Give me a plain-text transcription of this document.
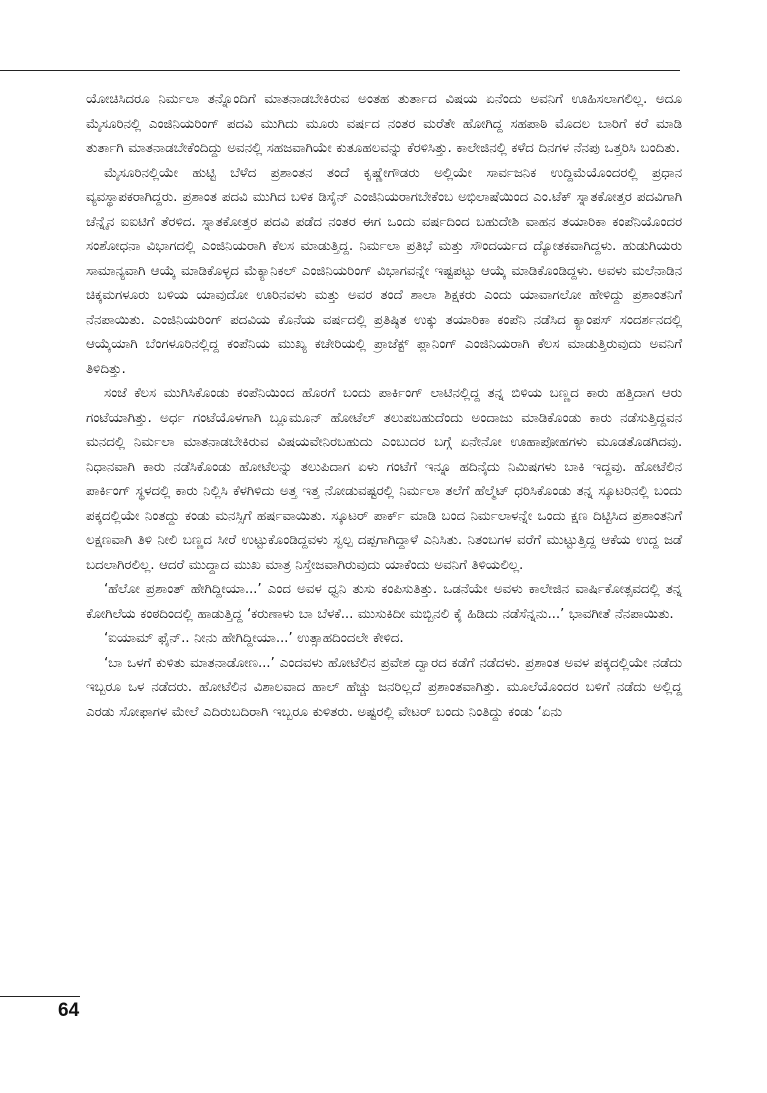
ಯೋಚಿಸಿದರೂ ನಿರ್ಮಲಾ ತನ್ನೊಂದಿಗೆ ಮಾತನಾಡಬೇಕಿರುವ ಅಂತಹ ತುರ್ತಾದ ವಿಷಯ ಏನೆಂದು ಅವನಿಗೆ ಊಹಿಸಲಾಗಲಿಲ್ಲ. ಅದೂ ಮೈಸೂರಿನಲ್ಲಿ ಎಂಜಿನಿಯರಿಂಗ್ ಪದವಿ ಮುಗಿದು ಮೂರು ವರ್ಷದ ನಂತರ ಮರೆತೇ ಹೋಗಿದ್ದ ಸಹಪಾಠಿ ಮೊದಲ ಬಾರಿಗೆ ಕರೆ ಮಾಡಿ ತುರ್ತಾಗಿ ಮಾತನಾಡಬೇಕೆಂದಿದ್ದು ಅವನಲ್ಲಿ ಸಹಜವಾಗಿಯೇ ಕುತೂಹಲವನ್ನು ಕೆರಳಿಸಿತ್ತು. ಕಾಲೇಜಿನಲ್ಲಿ ಕಳೆದ ದಿನಗಳ ನೆನಪು ಒತ್ತರಿಸಿ ಬಂದಿತು.

ಮೈಸೂರಿನಲ್ಲಿಯೇ ಹುಟ್ಟಿ ಬೆಳೆದ ಪ್ರಶಾಂತನ ತಂದೆ ಕೃಷ್ಣೇಗೌಡರು ಅಲ್ಲಿಯೇ ಸಾರ್ವಜನಿಕ ಉದ್ದಿಮೆಯೊಂದರಲ್ಲಿ ಪ್ರಧಾನ ವ್ಯವಸ್ಥಾಪಕರಾಗಿದ್ದರು. ಪ್ರಶಾಂತ ಪದವಿ ಮುಗಿದ ಬಳಿಕ ಡಿಸೈನ್ ಎಂಜಿನಿಯರಾಗಬೇಕೆಂಬ ಅಭಿಲಾಷೆಯಿಂದ ಎಂ.ಟೆಕ್ ಸ್ನಾತಕೋತ್ತರ ಪದವಿಗಾಗಿ ಚೆನ್ನೈನ ಐಐಟಿಗೆ ತೆರಳಿದ. ಸ್ನಾತಕೋತ್ತರ ಪದವಿ ಪಡೆದ ನಂತರ ಈಗ ಒಂದು ವರ್ಷದಿಂದ ಬಹುದೇಶಿ ವಾಹನ ತಯಾರಿಕಾ ಕಂಪೆನಿಯೊಂದರ ಸಂಶೋಧನಾ ವಿಭಾಗದಲ್ಲಿ ಎಂಜಿನಿಯರಾಗಿ ಕೆಲಸ ಮಾಡುತ್ತಿದ್ದ. ನಿರ್ಮಲಾ ಪ್ರತಿಭೆ ಮತ್ತು ಸೌಂದರ್ಯದ ದ್ಯೋತಕವಾಗಿದ್ದಳು. ಹುಡುಗಿಯರು ಸಾಮಾನ್ಯವಾಗಿ ಆಯ್ಕೆ ಮಾಡಿಕೊಳ್ಳದ ಮೆಕ್ಯಾನಿಕಲ್ ಎಂಜಿನಿಯರಿಂಗ್ ವಿಭಾಗವನ್ನೇ ಇಷ್ಟಪಟ್ಟು ಆಯ್ಕೆ ಮಾಡಿಕೊಂಡಿದ್ದಳು. ಅವಳು ಮಲೆನಾಡಿನ ಚಿಕ್ಕಮಗಳೂರು ಬಳಿಯ ಯಾವುದೋ ಊರಿನವಳು ಮತ್ತು ಅವರ ತಂದೆ ಶಾಲಾ ಶಿಕ್ಷಕರು ಎಂದು ಯಾವಾಗಲೋ ಹೇಳಿದ್ದು ಪ್ರಶಾಂತನಿಗೆ ನೆನಪಾಯಿತು. ಎಂಜಿನಿಯರಿಂಗ್ ಪದವಿಯ ಕೊನೆಯ ವರ್ಷದಲ್ಲಿ ಪ್ರತಿಷ್ಠಿತ ಉಕ್ಕು ತಯಾರಿಕಾ ಕಂಪೆನಿ ನಡೆಸಿದ ಕ್ಯಾಂಪಸ್ ಸಂದರ್ಶನದಲ್ಲಿ ಆಯ್ಕೆಯಾಗಿ ಬೆಂಗಳೂರಿನಲ್ಲಿದ್ದ ಕಂಪೆನಿಯ ಮುಖ್ಯ ಕಚೇರಿಯಲ್ಲಿ ಪ್ರಾಜೆಕ್ಟ್ ಪ್ಲಾನಿಂಗ್ ಎಂಜಿನಿಯರಾಗಿ ಕೆಲಸ ಮಾಡುತ್ತಿರುವುದು ಅವನಿಗೆ ತಿಳಿದಿತ್ತು.

ಸಂಜೆ ಕೆಲಸ ಮುಗಿಸಿಕೊಂಡು ಕಂಪೆನಿಯಿಂದ ಹೊರಗೆ ಬಂದು ಪಾರ್ಕಿಂಗ್ ಲಾಟಿನಲ್ಲಿದ್ದ ತನ್ನ ಬಿಳಿಯ ಬಣ್ಣದ ಕಾರು ಹತ್ತಿದಾಗ ಆರು ಗಂಟೆಯಾಗಿತ್ತು. ಅರ್ಧ ಗಂಟೆಯೊಳಗಾಗಿ ಬ್ಲೂಮೂನ್ ಹೋಟೆಲ್ ತಲುಪಬಹುದೆಂದು ಅಂದಾಜು ಮಾಡಿಕೊಂಡು ಕಾರು ನಡೆಸುತ್ತಿದ್ದವನ ಮನದಲ್ಲಿ ನಿರ್ಮಲಾ ಮಾತನಾಡಬೇಕಿರುವ ವಿಷಯವೇನಿರಬಹುದು ಎಂಬುದರ ಬಗ್ಗೆ ಏನೇನೋ ಊಹಾಪೋಹಗಳು ಮೂಡತೊಡಗಿದವು. ನಿಧಾನವಾಗಿ ಕಾರು ನಡೆಸಿಕೊಂಡು ಹೋಟೆಲನ್ನು ತಲುಪಿದಾಗ ಏಳು ಗಂಟೆಗೆ ಇನ್ನೂ ಹದಿನೈದು ನಿಮಿಷಗಳು ಬಾಕಿ ಇದ್ದವು. ಹೋಟೆಲಿನ ಪಾರ್ಕಿಂಗ್ ಸ್ಥಳದಲ್ಲಿ ಕಾರು ನಿಲ್ಲಿಸಿ ಕೆಳಗಿಳಿದು ಅತ್ತ ಇತ್ತ ನೋಡುವಷ್ಟರಲ್ಲಿ ನಿರ್ಮಲಾ ತಲೆಗೆ ಹೆಲ್ಮೆಟ್ ಧರಿಸಿಕೊಂಡು ತನ್ನ ಸ್ಕೂಟರಿನಲ್ಲಿ ಬಂದು ಪಕ್ಕದಲ್ಲಿಯೇ ನಿಂತದ್ದು ಕಂಡು ಮನಸ್ಸಿಗೆ ಹರ್ಷವಾಯಿತು. ಸ್ಕೂಟರ್ ಪಾರ್ಕ್ ಮಾಡಿ ಬಂದ ನಿರ್ಮಲಾಳನ್ನೇ ಒಂದು ಕ್ಷಣ ದಿಟ್ಟಿಸಿದ ಪ್ರಶಾಂತನಿಗೆ ಲಕ್ಷಣವಾಗಿ ತಿಳಿ ನೀಲಿ ಬಣ್ಣದ ಸೀರೆ ಉಟ್ಟುಕೊಂಡಿದ್ದವಳು ಸ್ವಲ್ಪ ದಪ್ಪಗಾಗಿದ್ದಾಳೆ ಎನಿಸಿತು. ನಿತಂಬಗಳ ವರೆಗೆ ಮುಟ್ಟುತ್ತಿದ್ದ ಆಕೆಯ ಉದ್ದ ಜಡೆ ಬದಲಾಗಿರಲಿಲ್ಲ. ಆದರೆ ಮುದ್ದಾದ ಮುಖ ಮಾತ್ರ ನಿಸ್ತೇಜವಾಗಿರುವುದು ಯಾಕೆಂದು ಅವನಿಗೆ ತಿಳಿಯಲಿಲ್ಲ.

‘ಹೆಲೋ ಪ್ರಶಾಂತ್ ಹೇಗಿದ್ದೀಯಾ...’ ಎಂದ ಅವಳ ಧ್ವನಿ ತುಸು ಕಂಪಿಸುತಿತ್ತು. ಒಡನೆಯೇ ಅವಳು ಕಾಲೇಜಿನ ವಾರ್ಷಿಕೋತ್ಸವದಲ್ಲಿ ತನ್ನ ಕೋಗಿಲೆಯ ಕಂಠದಿಂದಲ್ಲಿ ಹಾಡುತ್ತಿದ್ದ ‘ಕರುಣಾಳು ಬಾ ಬೆಳಕೆ... ಮುಸುಕಿದೀ ಮಬ್ಬಿನಲಿ ಕೈ ಹಿಡಿದು ನಡೆಸೆನ್ನನು...’ ಭಾವಗೀತೆ ನೆನಪಾಯಿತು.

‘ಐಯಾಮ್ ಫೈನ್.. ನೀನು ಹೇಗಿದ್ದೀಯಾ...’ ಉತ್ಸಾಹದಿಂದಲೇ ಕೇಳಿದ.

‘ಬಾ ಒಳಗೆ ಕುಳಿತು ಮಾತನಾಡೋಣ...’ ಎಂದವಳು ಹೋಟೆಲಿನ ಪ್ರವೇಶ ದ್ವಾರದ ಕಡೆಗೆ ನಡೆದಳು. ಪ್ರಶಾಂತ ಅವಳ ಪಕ್ಕದಲ್ಲಿಯೇ ನಡೆದು ಇಬ್ಬರೂ ಒಳ ನಡೆದರು. ಹೋಟೆಲಿನ ವಿಶಾಲವಾದ ಹಾಲ್ ಹೆಚ್ಚು ಜನರಿಲ್ಲದೆ ಪ್ರಶಾಂತವಾಗಿತ್ತು. ಮೂಲೆಯೊಂದರ ಬಳಿಗೆ ನಡೆದು ಅಲ್ಲಿದ್ದ ಎರಡು ಸೋಫಾಗಳ ಮೇಲೆ ಎದಿರುಬದಿರಾಗಿ ಇಬ್ಬರೂ ಕುಳಿತರು. ಅಷ್ಟರಲ್ಲಿ ವೇಟರ್ ಬಂದು ನಿಂತಿದ್ದು ಕಂಡು ‘ಏನು

64
